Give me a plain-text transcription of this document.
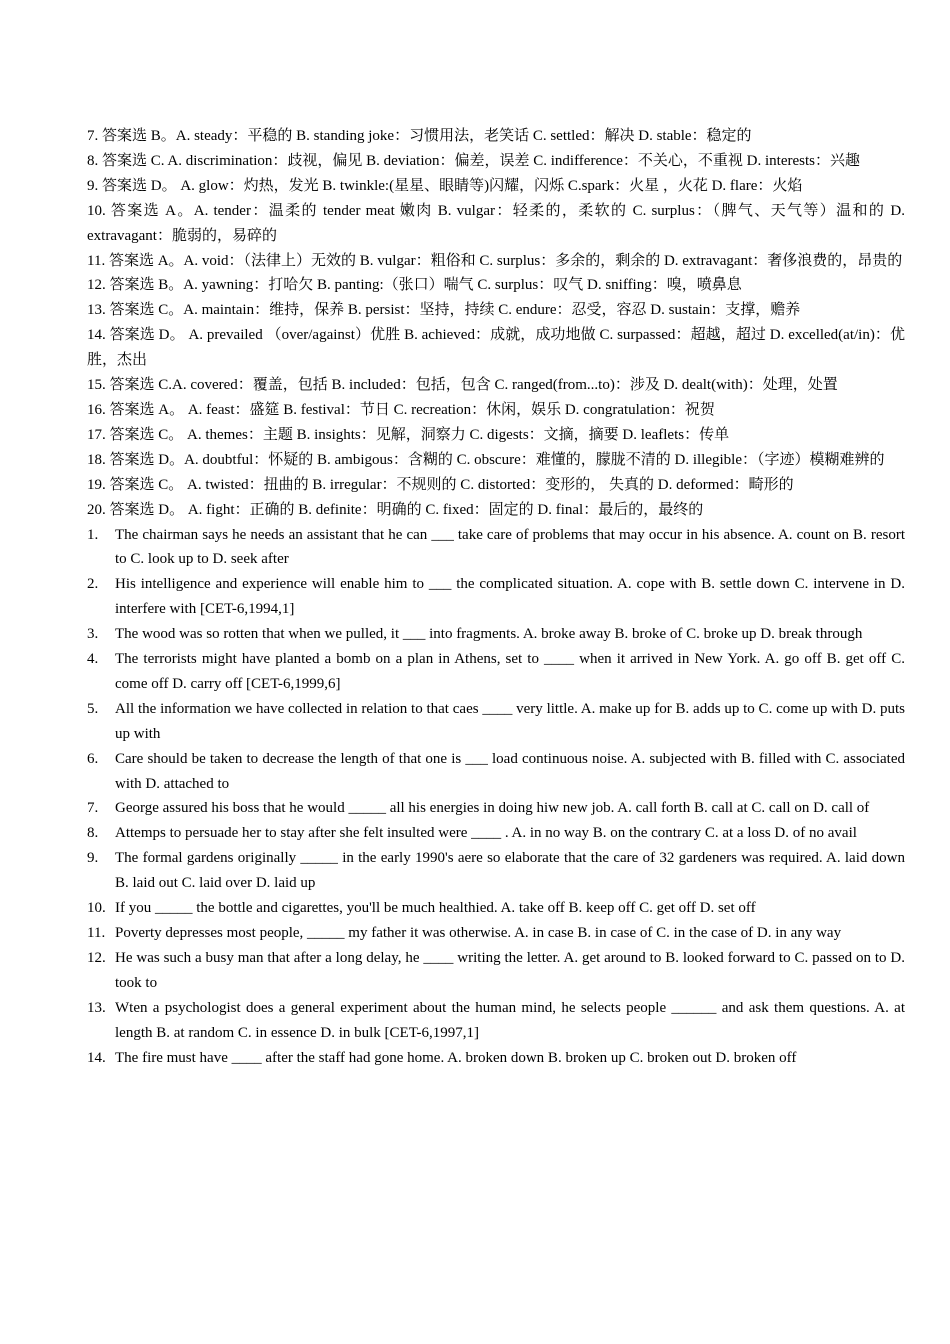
7. 答案选 B。A. steady：平稳的 B. standing joke：习惯用法，老笑话 C. settled：解决 D. stable：稳定的

8. 答案选 C. A. discrimination：歧视，偏见 B. deviation：偏差，误差 C. indifference：不关心，不重视 D. interests：兴趣

9. 答案选 D。 A. glow：灼热，发光 B. twinkle:(星星、眼睛等)闪耀，闪烁 C.spark：火星 ，火花 D. flare：火焰

10. 答案选 A。A. tender：温柔的 tender meat 嫩肉 B. vulgar：轻柔的，柔软的 C. surplus：（脾气、天气等）温和的 D. extravagant：脆弱的，易碎的

11. 答案选 A。A. void：（法律上）无效的 B. vulgar：粗俗和 C. surplus：多余的，剩余的 D. extravagant：奢侈浪费的，昂贵的

12. 答案选 B。A. yawning：打哈欠 B. panting:（张口）喘气 C. surplus：叹气 D. sniffing：嗅，喷鼻息

13. 答案选 C。A. maintain：维持，保养 B. persist：坚持，持续 C. endure：忍受，容忍 D. sustain：支撑，赡养

14. 答案选 D。 A. prevailed （over/against）优胜 B. achieved：成就，成功地做 C. surpassed：超越，超过 D. excelled(at/in)：优胜，杰出

15. 答案选 C.A. covered：覆盖，包括 B. included：包括，包含 C. ranged(from...to)：涉及 D. dealt(with)：处理，处置

16. 答案选 A。 A. feast：盛筵 B. festival：节日 C. recreation：休闲，娱乐 D. congratulation：祝贺

17. 答案选 C。 A. themes：主题 B. insights：见解，洞察力 C. digests：文摘，摘要 D. leaflets：传单

18. 答案选 D。A. doubtful：怀疑的 B. ambigous：含糊的 C. obscure：难懂的，朦胧不清的 D. illegible：（字迹）模糊难辨的

19. 答案选 C。 A. twisted：扭曲的 B. irregular：不规则的 C. distorted：变形的， 失真的 D. deformed：畸形的

20. 答案选 D。 A. fight：正确的 B. definite：明确的 C. fixed：固定的 D. final：最后的，最终的

1.	The chairman says he needs an assistant that he can ___ take care of problems that may occur in his absence. A. count on B. resort to C. look up to D. seek after
2.	His intelligence and experience will enable him to ___ the complicated situation. A. cope with B. settle down C. intervene in D. interfere with [CET-6,1994,1]
3.	The wood was so rotten that when we pulled, it ___ into fragments. A. broke away B. broke of C. broke up D. break through
4.	The terrorists might have planted a bomb on a plan in Athens, set to ____ when it arrived in New York. A. go off B. get off C. come off D. carry off [CET-6,1999,6]
5.	All the information we have collected in relation to that caes ____ very little. A. make up for B. adds up to C. come up with D. puts up with
6.	Care should be taken to decrease the length of that one is ___ load continuous noise. A. subjected with B. filled with C. associated with D. attached to
7.	George assured his boss that he would _____ all his energies in doing hiw new job. A. call forth B. call at C. call on D. call of
8.	Attemps to persuade her to stay after she felt insulted were ____ . A. in no way B. on the contrary C. at a loss D. of no avail
9.	The formal gardens originally _____ in the early 1990's aere so elaborate that the care of 32 gardeners was required. A. laid down B. laid out C. laid over D. laid up
10. If you _____ the bottle and cigarettes, you'll be much healthied. A. take off B. keep off C. get off D. set off
11. Poverty depresses most people, _____ my father it was otherwise. A. in case B. in case of C. in the case of D. in any way
12. He was such a busy man that after a long delay, he ____ writing the letter. A. get around to B. looked forward to C. passed on to D. took to
13. Wten a psychologist does a general experiment about the human mind, he selects people ______ and ask them questions. A. at length B. at random C. in essence D. in bulk [CET-6,1997,1]
14. The fire must have ____ after the staff had gone home. A. broken down B. broken up C. broken out D. broken off
